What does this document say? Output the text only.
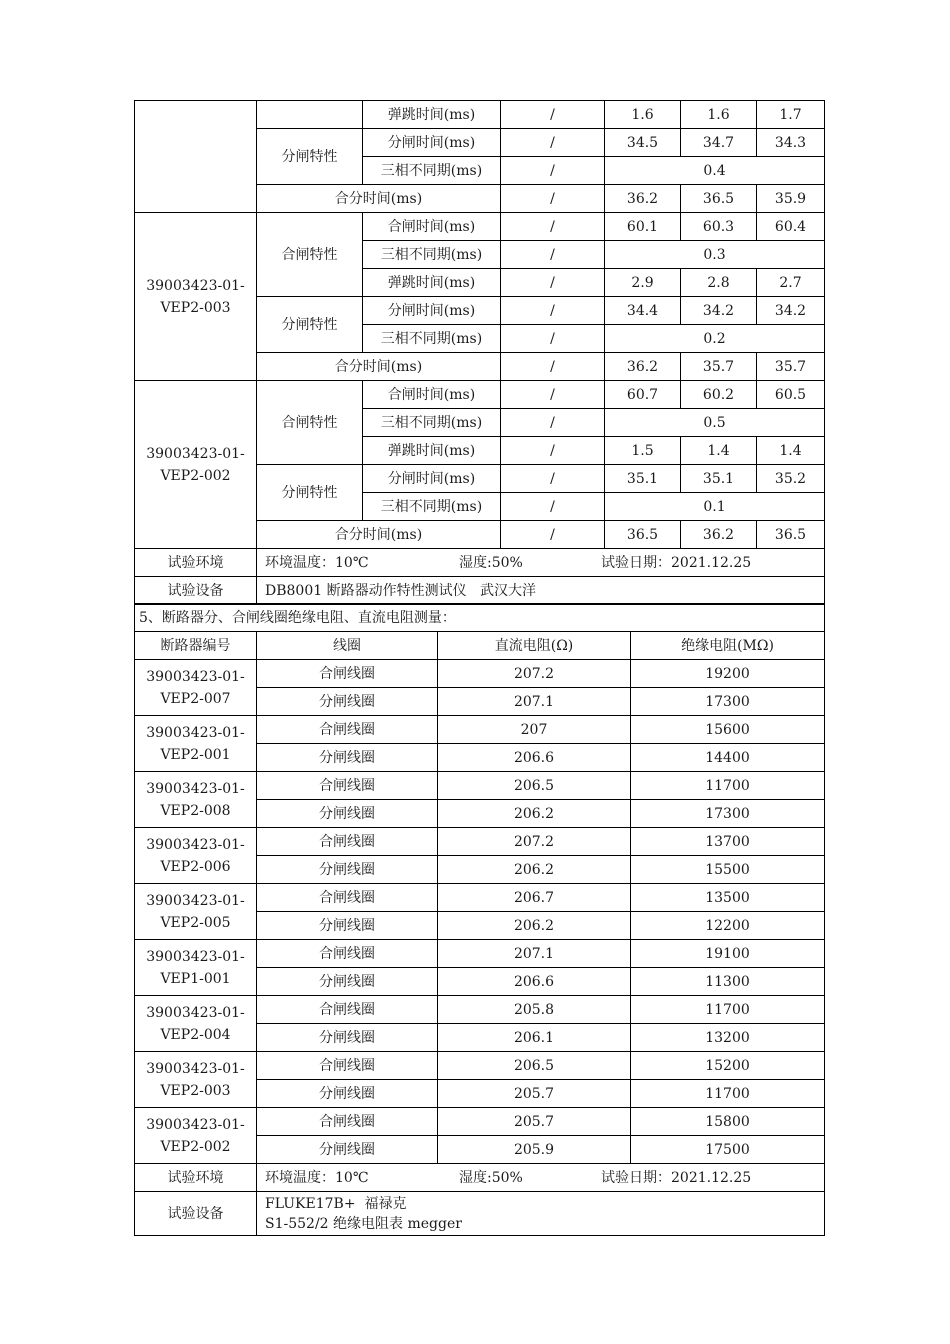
		弹跳时间(ms)	/	1.6	1.6	1.7
	分闸特性	分闸时间(ms)	/	34.5	34.7	34.3
		三相不同期(ms)	/	0.4		
	合分时间(ms)		/	36.2	36.5	35.9
39003423-01-VEP2-003	合闸特性	合闸时间(ms)	/	60.1	60.3	60.4
		三相不同期(ms)	/	0.3		
		弹跳时间(ms)	/	2.9	2.8	2.7
	分闸特性	分闸时间(ms)	/	34.4	34.2	34.2
		三相不同期(ms)	/	0.2		
	合分时间(ms)		/	36.2	35.7	35.7
39003423-01-VEP2-002	合闸特性	合闸时间(ms)	/	60.7	60.2	60.5
		三相不同期(ms)	/	0.5		
		弹跳时间(ms)	/	1.5	1.4	1.4
	分闸特性	分闸时间(ms)	/	35.1	35.1	35.2
		三相不同期(ms)	/	0.1		
	合分时间(ms)		/	36.5	36.2	36.5
试验环境	环境温度：10℃ 湿度:50% 试验日期：2021.12.25					
试验设备	DB8001 断路器动作特性测试仪   武汉大洋					
5、断路器分、合闸线圈绝缘电阻、直流电阻测量：			
断路器编号	线圈	直流电阻(Ω)	绝缘电阻(MΩ)
39003423-01-VEP2-007	合闸线圈	207.2	19200
	分闸线圈	207.1	17300
39003423-01-VEP2-001	合闸线圈	207	15600
	分闸线圈	206.6	14400
39003423-01-VEP2-008	合闸线圈	206.5	11700
	分闸线圈	206.2	17300
39003423-01-VEP2-006	合闸线圈	207.2	13700
	分闸线圈	206.2	15500
39003423-01-VEP2-005	合闸线圈	206.7	13500
	分闸线圈	206.2	12200
39003423-01-VEP1-001	合闸线圈	207.1	19100
	分闸线圈	206.6	11300
39003423-01-VEP2-004	合闸线圈	205.8	11700
	分闸线圈	206.1	13200
39003423-01-VEP2-003	合闸线圈	206.5	15200
	分闸线圈	205.7	11700
39003423-01-VEP2-002	合闸线圈	205.7	15800
	分闸线圈	205.9	17500
试验环境	环境温度：10℃ 湿度:50% 试验日期：2021.12.25		
试验设备	FLUKE17B+  福禄克
S1-552/2 绝缘电阻表 megger		
